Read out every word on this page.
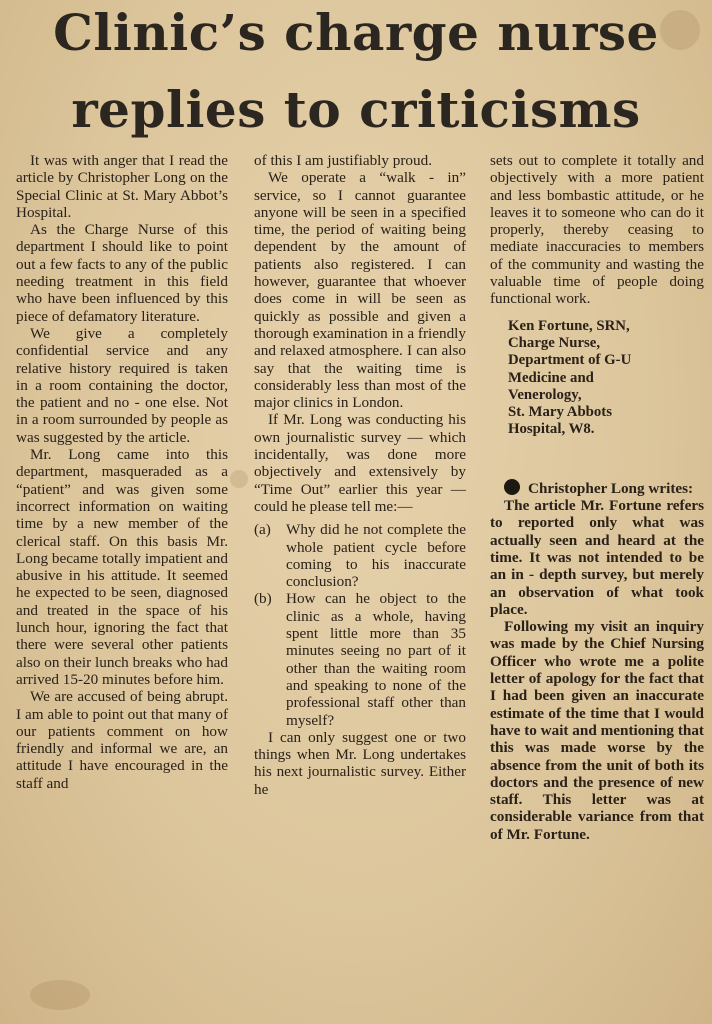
Clinic’s charge nurse
replies to criticisms

It was with anger that I read the article by Christopher Long on the Special Clinic at St. Mary Abbot’s Hospital.

As the Charge Nurse of this department I should like to point out a few facts to any of the public needing treatment in this field who have been influenced by this piece of defamatory literature.

We give a completely confidential service and any relative history required is taken in a room containing the doctor, the patient and no - one else. Not in a room surrounded by people as was suggested by the article.

Mr. Long came into this department, masqueraded as a “patient” and was given some incorrect information on waiting time by a new member of the clerical staff. On this basis Mr. Long became totally impatient and abusive in his attitude. It seemed he expected to be seen, diagnosed and treated in the space of his lunch hour, ignoring the fact that there were several other patients also on their lunch breaks who had arrived 15-20 minutes before him.

We are accused of being abrupt. I am able to point out that many of our patients comment on how friendly and informal we are, an attitude I have encouraged in the staff and

of this I am justifiably proud.

We operate a “walk - in” service, so I cannot guarantee anyone will be seen in a specified time, the period of waiting being dependent by the amount of patients also registered. I can however, guarantee that whoever does come in will be seen as quickly as possible and given a thorough examination in a friendly and relaxed atmosphere. I can also say that the waiting time is considerably less than most of the major clinics in London.

If Mr. Long was conducting his own journalistic survey — which incidentally, was done more objectively and extensively by “Time Out” earlier this year — could he please tell me:—

(a) Why did he not complete the whole patient cycle before coming to his inaccurate conclusion?
(b) How can he object to the clinic as a whole, having spent little more than 35 minutes seeing no part of it other than the waiting room and speaking to none of the professional staff other than myself?

I can only suggest one or two things when Mr. Long undertakes his next journalistic survey. Either he

sets out to complete it totally and objectively with a more patient and less bombastic attitude, or he leaves it to someone who can do it properly, thereby ceasing to mediate inaccuracies to members of the community and wasting the valuable time of people doing functional work.

Ken Fortune, SRN,
Charge Nurse,
Department of G-U
Medicine and
Venerology,
St. Mary Abbots
Hospital, W8.

Christopher Long writes:

The article Mr. Fortune refers to reported only what was actually seen and heard at the time. It was not intended to be an in - depth survey, but merely an observation of what took place.

Following my visit an inquiry was made by the Chief Nursing Officer who wrote me a polite letter of apology for the fact that I had been given an inaccurate estimate of the time that I would have to wait and mentioning that this was made worse by the absence from the unit of both its doctors and the presence of new staff. This letter was at considerable variance from that of Mr. Fortune.
